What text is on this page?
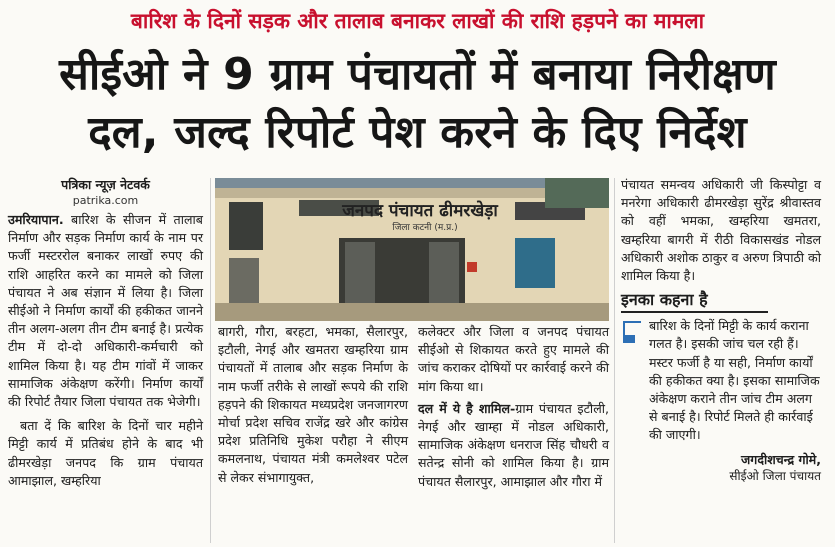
बारिश के दिनों सड़क और तालाब बनाकर लाखों की राशि हड़पने का मामला
सीईओ ने 9 ग्राम पंचायतों में बनाया निरीक्षण
दल, जल्द रिपोर्ट पेश करने के दिए निर्देश
पत्रिका न्यूज़ नेटवर्क
patrika.com

उमरियापान. बारिश के सीजन में तालाब निर्माण और सड़क निर्माण कार्य के नाम पर फर्जी मस्टररोल बनाकर लाखों रुपए की राशि आहरित करने का मामले को जिला पंचायत ने अब संज्ञान में लिया है। जिला सीईओ ने निर्माण कार्यों की हकीकत जानने तीन अलग-अलग तीन टीम बनाई है। प्रत्येक टीम में दो-दो अधिकारी-कर्मचारी को शामिल किया है। यह टीम गांवों में जाकर सामाजिक अंकेक्षण करेंगी। निर्माण कार्यों की रिपोर्ट तैयार जिला पंचायत तक भेजेगी।

बता दें कि बारिश के दिनों चार महीने मिट्टी कार्य में प्रतिबंध होने के बाद भी ढीमरखेड़ा जनपद कि ग्राम पंचायत आमाझाल, खम्हरिया

जनपद पंचायत ढीमरखेड़ा
जिला कटनी (म.प्र.)

बागरी, गौरा, बरहटा, भमका, सैलारपुर, इटौली, नेगई और खमतरा खम्हरिया ग्राम पंचायतों में तालाब और सड़क निर्माण के नाम फर्जी तरीके से लाखों रूपये की राशि हड़पने की शिकायत मध्यप्रदेश जनजागरण मोर्चा प्रदेश सचिव राजेंद्र खरे और कांग्रेस प्रदेश प्रतिनिधि मुकेश परौहा ने सीएम कमलनाथ, पंचायत मंत्री कमलेश्वर पटेल से लेकर संभागायुक्त,

कलेक्टर और जिला व जनपद पंचायत सीईओ से शिकायत करते हुए मामले की जांच कराकर दोषियों पर कार्रवाई करने की मांग किया था।

दल में ये है शामिल-ग्राम पंचायत इटौली, नेगई और खाम्हा में नोडल अधिकारी, सामाजिक अंकेक्षण धनराज सिंह चौधरी व सतेन्द्र सोनी को शामिल किया है। ग्राम पंचायत सैलारपुर, आमाझाल और गौरा में

पंचायत समन्वय अधिकारी जी किस्पोट्टा व मनरेगा अधिकारी ढीमरखेड़ा सुरेंद्र श्रीवास्तव को वहीं भमका, खम्हरिया खमतरा, खम्हरिया बागरी में रीठी विकासखंड नोडल अधिकारी अशोक ठाकुर व अरुण त्रिपाठी को शामिल किया है।

इनका कहना है

बारिश के दिनों मिट्टी के कार्य कराना गलत है। इसकी जांच चल रही हैं। मस्टर फर्जी है या सही, निर्माण कार्यों की हकीकत क्या है। इसका सामाजिक अंकेक्षण कराने तीन जांच टीम अलग से बनाई है। रिपोर्ट मिलते ही कार्रवाई की जाएगी।

जगदीशचन्द्र गोमे,
सीईओ जिला पंचायत
